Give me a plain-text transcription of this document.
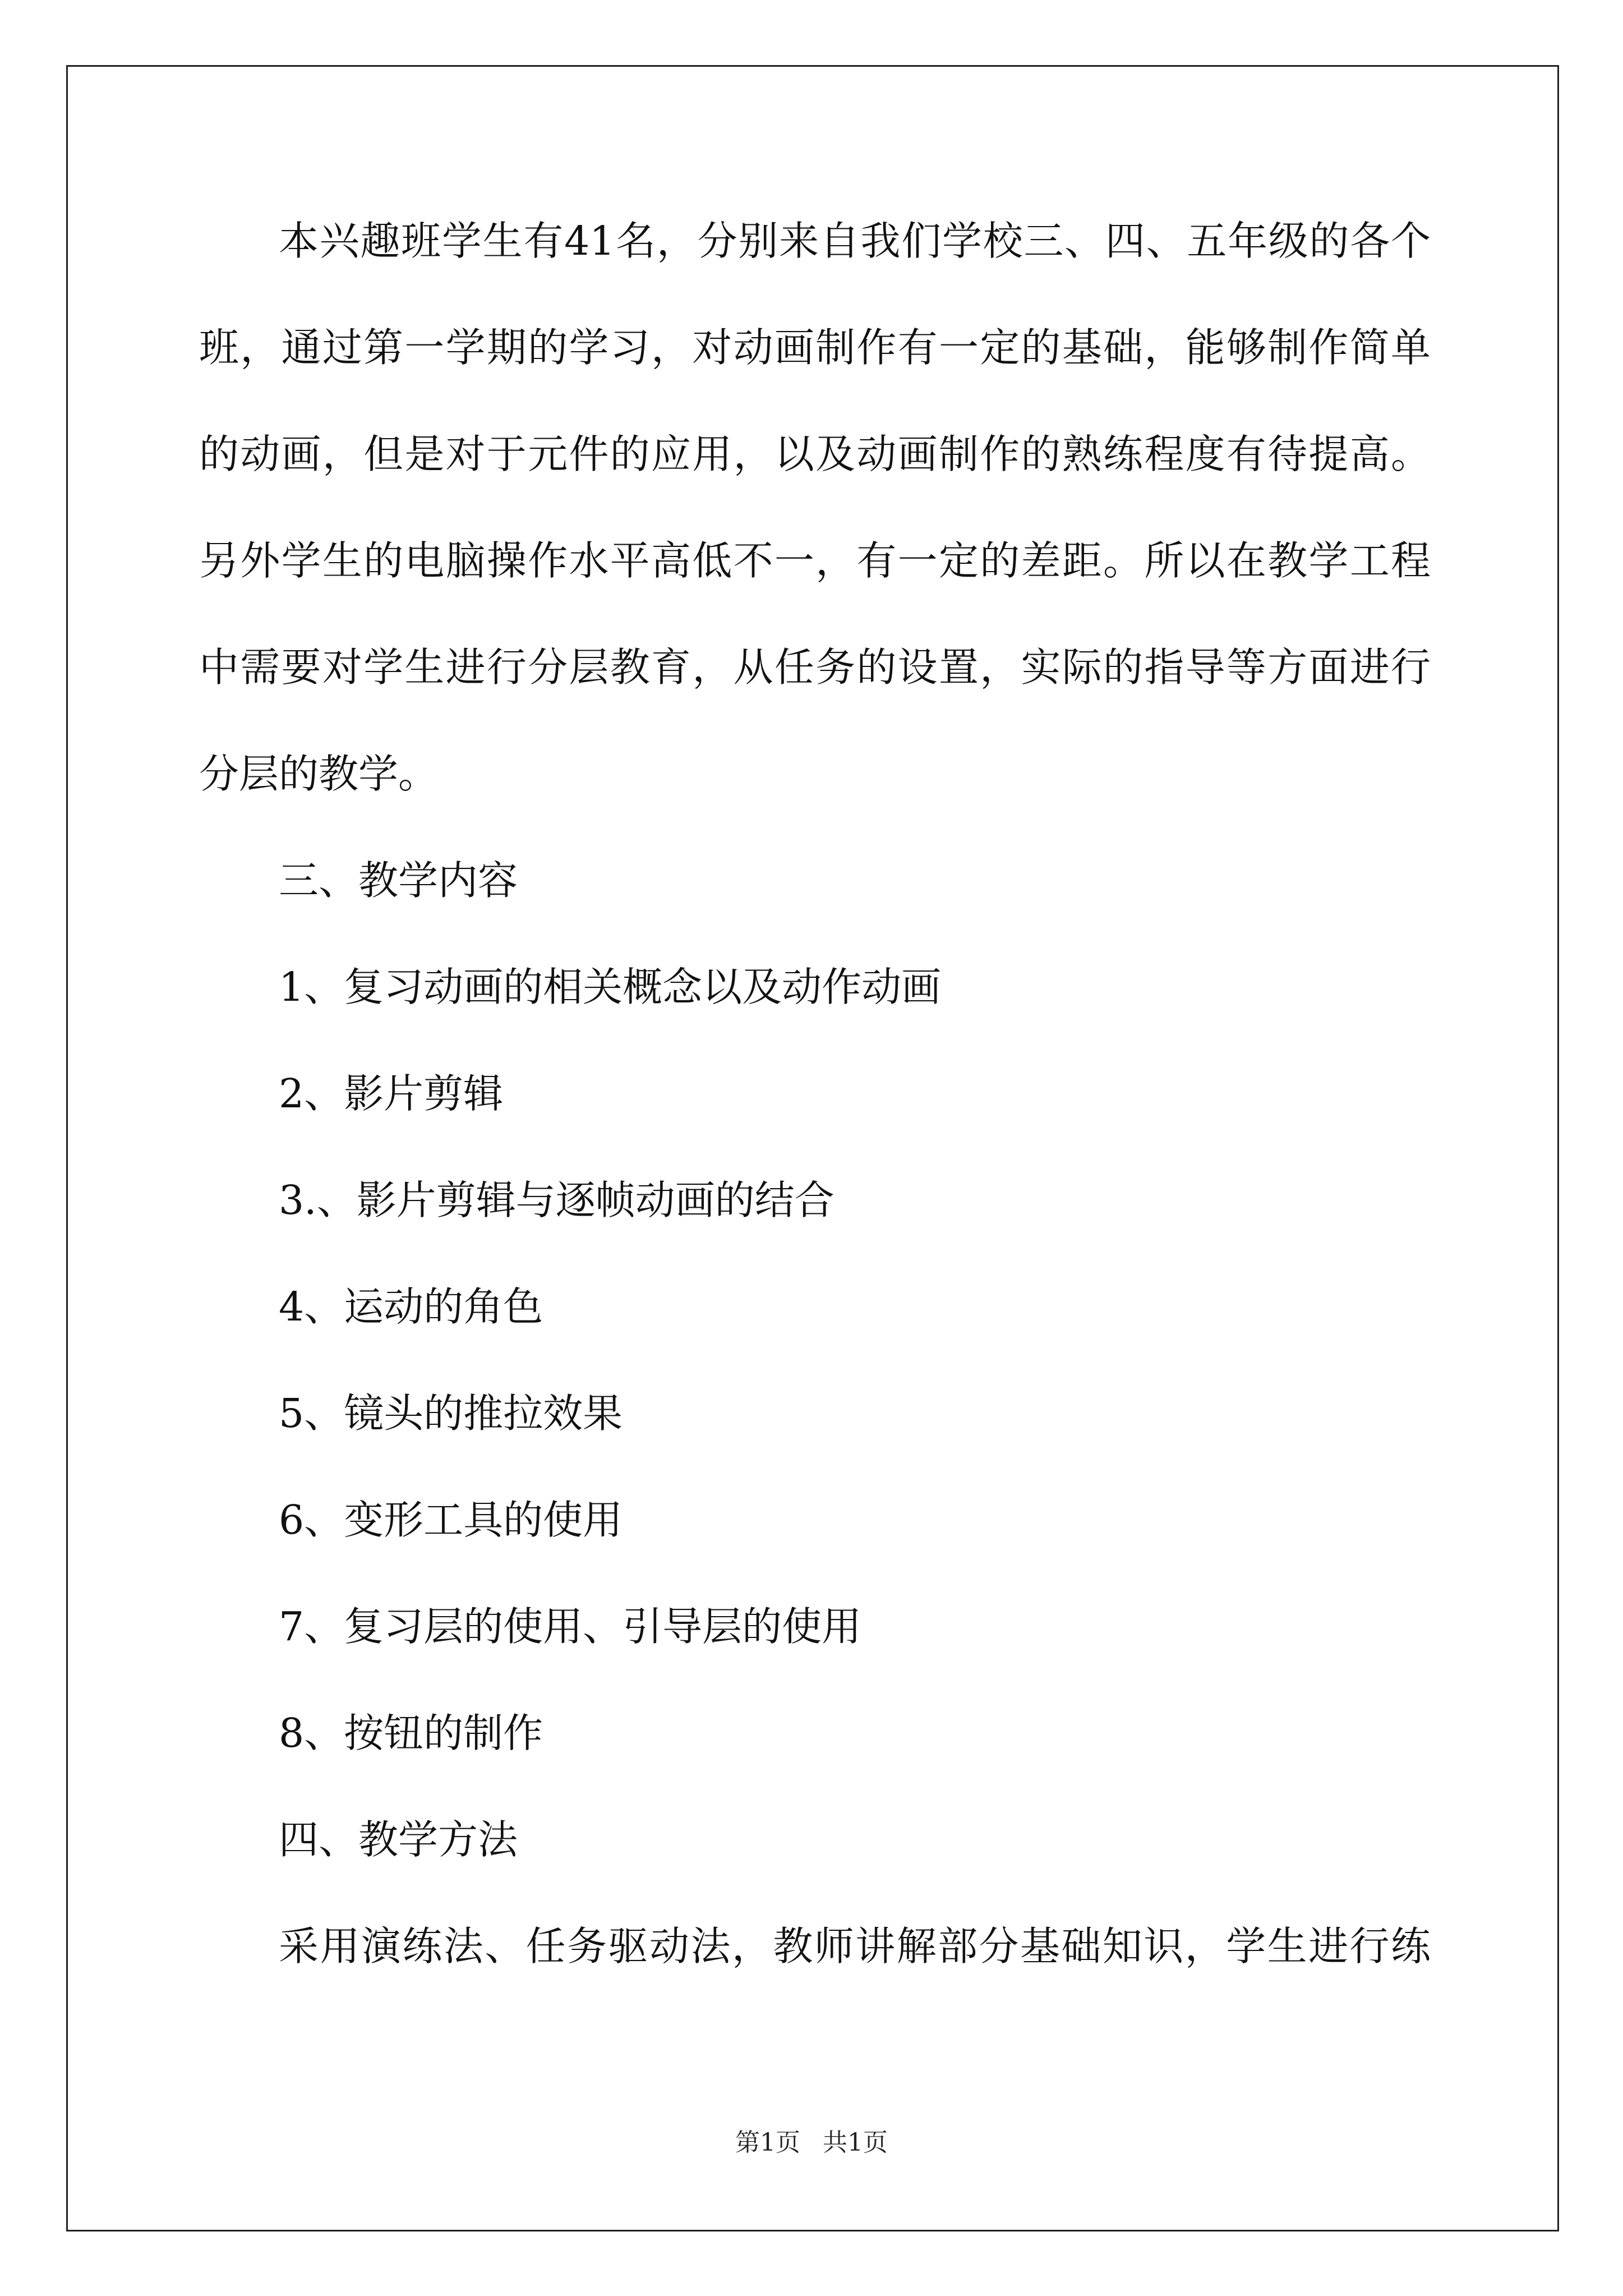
本兴趣班学生有41名，分别来自我们学校三、四、五年级的各个
班，通过第一学期的学习，对动画制作有一定的基础，能够制作简单
的动画，但是对于元件的应用，以及动画制作的熟练程度有待提高。
另外学生的电脑操作水平高低不一，有一定的差距。所以在教学工程
中需要对学生进行分层教育，从任务的设置，实际的指导等方面进行
分层的教学。
三、教学内容
1、复习动画的相关概念以及动作动画
2、影片剪辑
3.、影片剪辑与逐帧动画的结合
4、运动的角色
5、镜头的推拉效果
6、变形工具的使用
7、复习层的使用、引导层的使用
8、按钮的制作
四、教学方法
采用演练法、任务驱动法，教师讲解部分基础知识，学生进行练
第1页 共1页
